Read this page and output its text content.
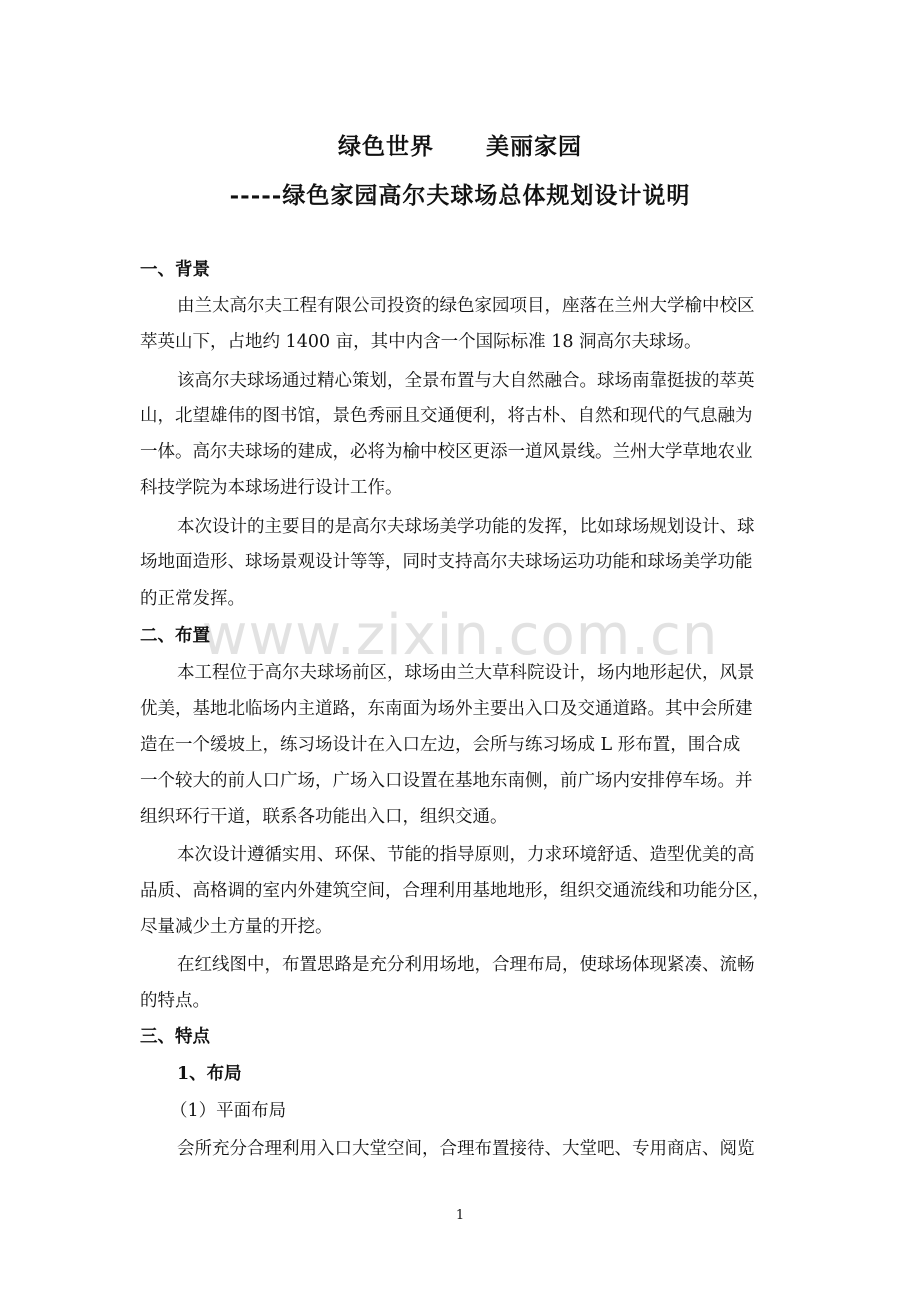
绿色世界 美丽家园
-----绿色家园高尔夫球场总体规划设计说明
一、背景
由兰太高尔夫工程有限公司投资的绿色家园项目，座落在兰州大学榆中校区
萃英山下，占地约 1400 亩，其中内含一个国际标准 18 洞高尔夫球场。
该高尔夫球场通过精心策划，全景布置与大自然融合。球场南靠挺拔的萃英
山，北望雄伟的图书馆，景色秀丽且交通便利，将古朴、自然和现代的气息融为
一体。高尔夫球场的建成，必将为榆中校区更添一道风景线。兰州大学草地农业
科技学院为本球场进行设计工作。
本次设计的主要目的是高尔夫球场美学功能的发挥，比如球场规划设计、球
场地面造形、球场景观设计等等，同时支持高尔夫球场运功功能和球场美学功能
的正常发挥。
www.zixin.com.cn
二、布置
本工程位于高尔夫球场前区，球场由兰大草科院设计，场内地形起伏，风景
优美，基地北临场内主道路，东南面为场外主要出入口及交通道路。其中会所建
造在一个缓坡上，练习场设计在入口左边，会所与练习场成 L 形布置，围合成
一个较大的前人口广场，广场入口设置在基地东南侧，前广场内安排停车场。并
组织环行干道，联系各功能出入口，组织交通。
本次设计遵循实用、环保、节能的指导原则，力求环境舒适、造型优美的高
品质、高格调的室内外建筑空间，合理利用基地地形，组织交通流线和功能分区，
尽量减少土方量的开挖。
在红线图中，布置思路是充分利用场地，合理布局，使球场体现紧凑、流畅
的特点。
三、特点
1、布局
（1）平面布局
会所充分合理利用入口大堂空间，合理布置接待、大堂吧、专用商店、阅览
1
